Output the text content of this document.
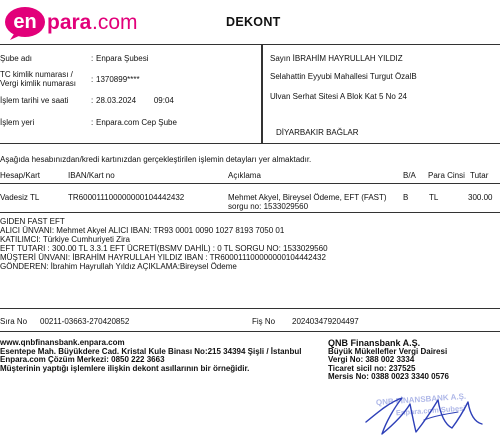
en para .com	DEKONT
Şube adı	: Enpara Şubesi
TC kimlik numarası / Vergi kimlik numarası	: 1370899****
İşlem tarihi ve saati	: 28.03.2024        09:04
İşlem yeri	: Enpara.com Cep Şube
Sayın İBRAHİM HAYRULLAH YILDIZ
Selahattin Eyyubi Mahallesi Turgut ÖzalB
Ulvan Serhat Sitesi A Blok Kat 5 No 24
DİYARBAKIR BAĞLAR
Aşağıda hesabınızdan/kredi kartınızdan gerçekleştirilen işlemin detayları yer almaktadır.
Hesap/Kart	IBAN/Kart no	Açıklama	B/A Para Cinsi Tutar
Vadesiz TL	TR600011100000000104442432	Mehmet Akyel, Bireysel Ödeme, EFT (FAST)
sorgu no: 1533029560
B	TL	300.00
GIDEN FAST EFT
ALICI ÜNVANI: Mehmet Akyel ALICI IBAN: TR93 0001 0090 1027 8193 7050 01
KATILIMCI: Türkiye Cumhuriyeti Zira
EFT TUTARI : 300.00 TL 3.3.1 EFT ÜCRETİ(BSMV DAHİL) : 0 TL SORGU NO: 1533029560
MÜŞTERİ ÜNVANI: İBRAHİM HAYRULLAH YILDIZ IBAN : TR600011100000000104442432
GÖNDEREN: İbrahim Hayrullah Yıldız AÇIKLAMA:Bireysel Ödeme
Sıra No 00211-03663-270420852	Fiş No 202403479204497
www.qnbfinansbank.enpara.com
Esentepe Mah. Büyükdere Cad. Kristal Kule Binası No:215 34394 Şişli / İstanbul
Enpara.com Çözüm Merkezi: 0850 222 3663
Müşterinin yaptığı işlemlere ilişkin dekont asıllarının bir örneğidir.
QNB Finansbank A.Ş.
Büyük Mükellefler Vergi Dairesi
Vergi No: 388 002 3334
Ticaret sicil no: 237525
Mersis No: 0388 0023 3340 0576
QNB FİNANSBANK A.Ş.
Enpara.com Şubesi
